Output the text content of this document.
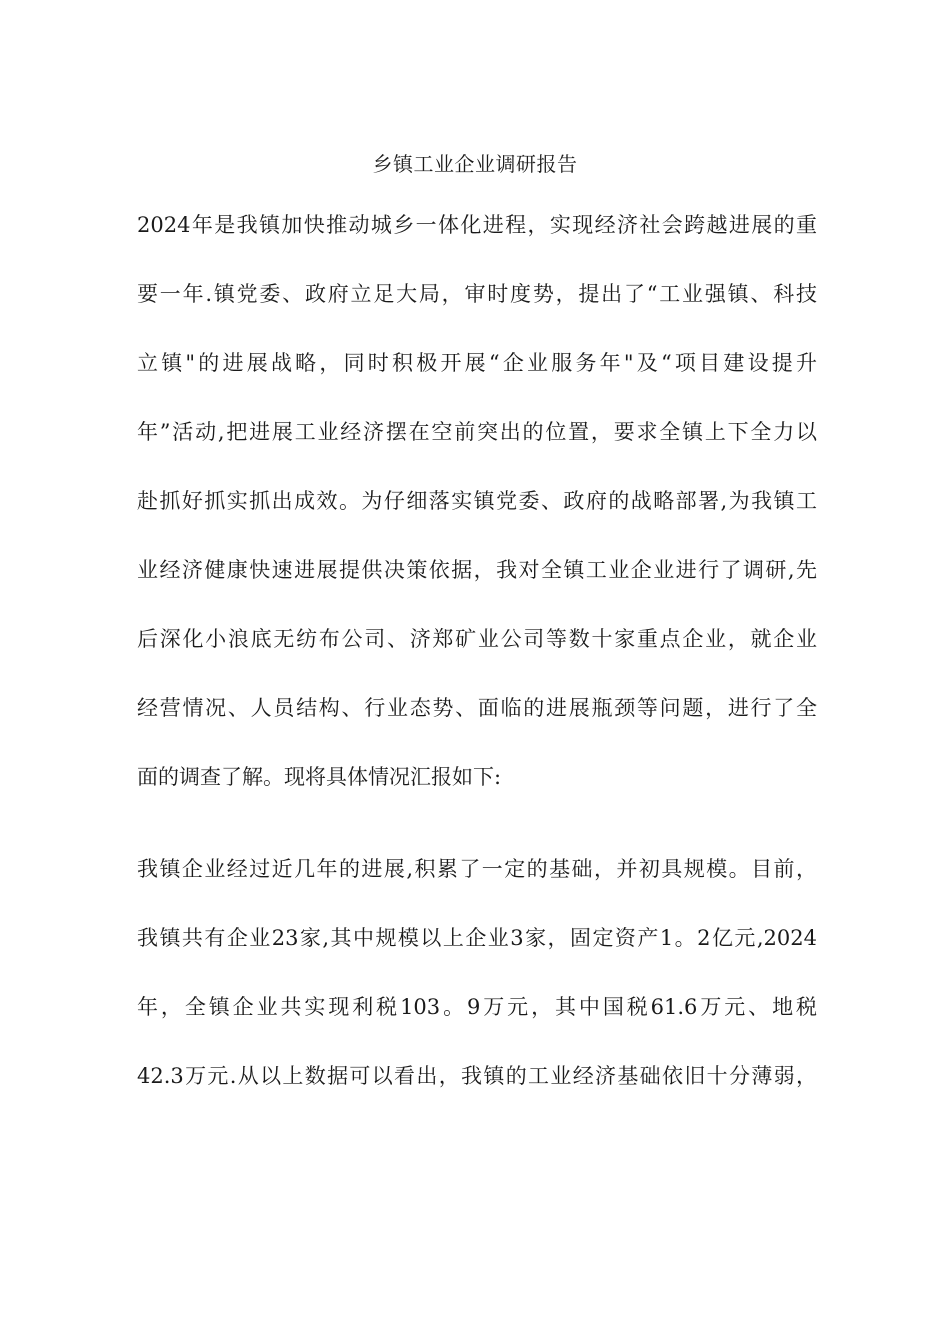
乡镇工业企业调研报告
2024年是我镇加快推动城乡一体化进程，实现经济社会跨越进展的重
要一年.镇党委、政府立足大局，审时度势，提出了“工业强镇、科技
立镇"的进展战略，同时积极开展“企业服务年"及“项目建设提升
年”活动,把进展工业经济摆在空前突出的位置，要求全镇上下全力以
赴抓好抓实抓出成效。为仔细落实镇党委、政府的战略部署,为我镇工
业经济健康快速进展提供决策依据，我对全镇工业企业进行了调研,先
后深化小浪底无纺布公司、济郑矿业公司等数十家重点企业，就企业
经营情况、人员结构、行业态势、面临的进展瓶颈等问题，进行了全
面的调查了解。现将具体情况汇报如下:
我镇企业经过近几年的进展,积累了一定的基础，并初具规模。目前，
我镇共有企业23家,其中规模以上企业3家，固定资产1。2亿元,2024
年，全镇企业共实现利税103。9万元，其中国税61.6万元、地税
42.3万元.从以上数据可以看出，我镇的工业经济基础依旧十分薄弱，
